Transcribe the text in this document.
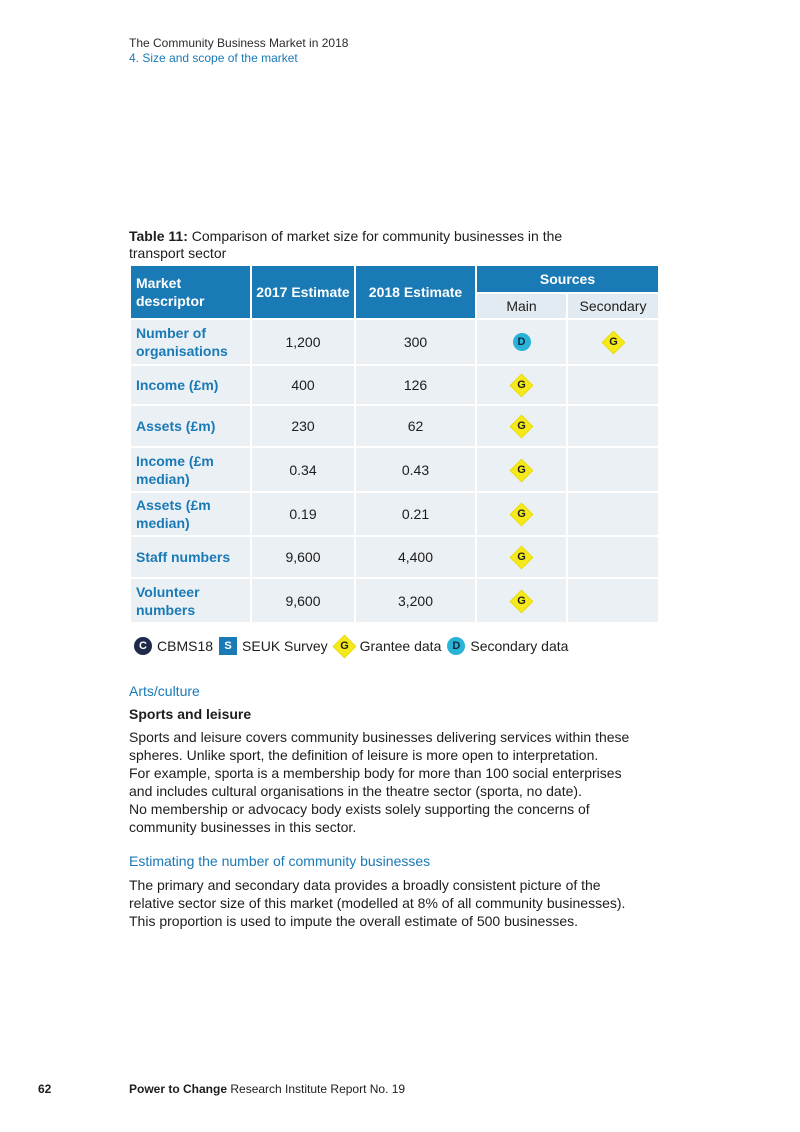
The Community Business Market in 2018
4. Size and scope of the market
Table 11: Comparison of market size for community businesses in the transport sector
Market descriptor	2017 Estimate	2018 Estimate	Sources	
			Main	Secondary
Number of organisations	1,200	300	D	G

Income (£m)	400	126	G	

Assets (£m)	230	62	G	

Income (£m median)	0.34	0.43	G	

Assets (£m median)	0.19	0.21	G	

Staff numbers	9,600	4,400	G	

Volunteer numbers	9,600	3,200	G	

C CBMS18	S SEUK Survey G Grantee data	D Secondary data
Arts/culture
Sports and leisure
Sports and leisure covers community businesses delivering services within these
spheres. Unlike sport, the definition of leisure is more open to interpretation.
For example, sporta is a membership body for more than 100 social enterprises
and includes cultural organisations in the theatre sector (sporta, no date).
No membership or advocacy body exists solely supporting the concerns of
community businesses in this sector.
Estimating the number of community businesses
The primary and secondary data provides a broadly consistent picture of the
relative sector size of this market (modelled at 8% of all community businesses).
This proportion is used to impute the overall estimate of 500 businesses.
62	Power to Change Research Institute Report No. 19
